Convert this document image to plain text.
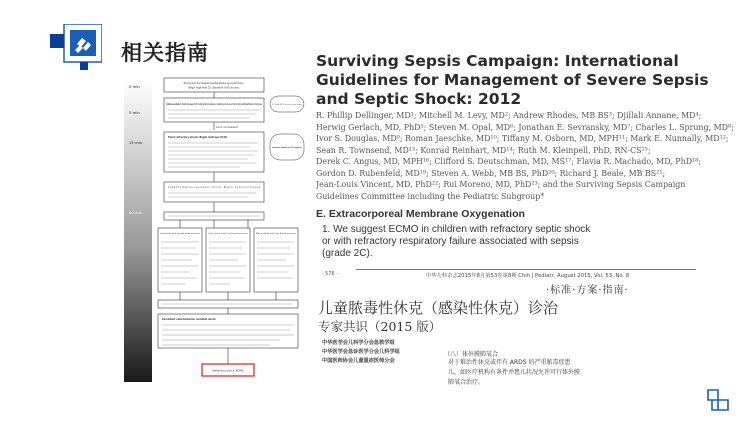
相关指南
0 min
5 min
15 min
60 min
Recognize decreased mental status and perfusion.
Begin high flow O2. Establish IV/IO access.
Initial resuscitation: Push boluses of 20 cc/kg isotonic saline or colloid up to & over 60 mL/kg until perfusion improves	If 2nd PIV start inotrope
shock not reversed?
Fluid refractory shock: Begin inotrope IV/IO
dose range: dopamine up to 10 mcg/kg/min
Catecholamine resistant shock: Begin hydrocortisone
Cold shock with normal blood pressure	Cold shock with low blood pressure	Warm shock with low blood pressure
Persistent catecholamine resistant shock
Refractory shock: ECMO
Surviving Sepsis Campaign: International
Guidelines for Management of Severe Sepsis
and Septic Shock: 2012
R. Phillip Dellinger, MD¹; Mitchell M. Levy, MD²; Andrew Rhodes, MB BS³; Djillali Annane, MD⁴;
Herwig Gerlach, MD, PhD⁵; Steven M. Opal, MD⁶; Jonathan E. Sevransky, MD⁷; Charles L. Sprung, MD⁸;
Ivor S. Douglas, MD⁹; Roman Jaeschke, MD¹⁰; Tiffany M. Osborn, MD, MPH¹¹; Mark E. Nunnally, MD¹²;
Sean R. Townsend, MD¹³; Konrad Reinhart, MD¹⁴; Ruth M. Kleinpell, PhD, RN-CS¹⁵;
Derek C. Angus, MD, MPH¹⁶; Clifford S. Deutschman, MD, MS¹⁷; Flavia R. Machado, MD, PhD¹⁸;
Gordon D. Rubenfeld, MD¹⁹; Steven A. Webb, MB BS, PhD²⁰; Richard J. Beale, MB BS²¹;
Jean-Louis Vincent, MD, PhD²²; Rui Moreno, MD, PhD²³; and the Surviving Sepsis Campaign
Guidelines Committee including the Pediatric Subgroup*
E. Extracorporeal Membrane Oxygenation
1. We suggest ECMO in children with refractory septic shock
or with refractory respiratory failure associated with sepsis
(grade 2C).
· 576 ·	中华儿科杂志2015年8月第53卷第8期 Chin J Pediatr, August 2015, Vol. 53, No. 8
·标准·方案·指南·
儿童脓毒性休克（感染性休克）诊治
专家共识（2015 版）
中华医学会儿科学分会急救学组
中华医学会急诊医学分会儿科学组
中国医师协会儿童重症医师分会
（八）体外膜肺氧合
对于难治性休克或伴有 ARDS 的严重脓毒症患
儿，如医疗机构有条件并患儿状况允许可行体外膜
肺氧合治疗。
